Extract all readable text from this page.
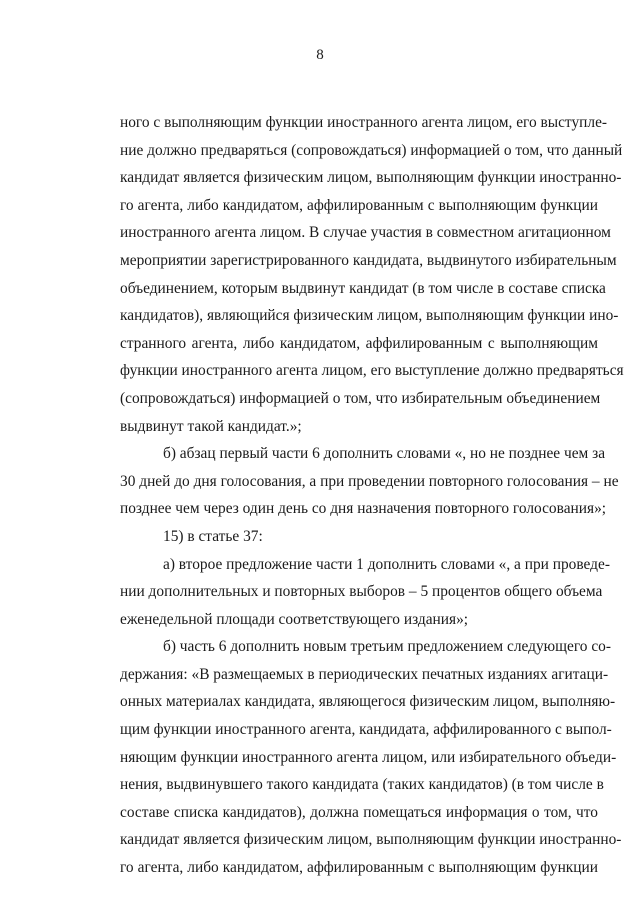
8
ного с выполняющим функции иностранного агента лицом, его выступле-
ние должно предваряться (сопровождаться) информацией о том, что данный
кандидат является физическим лицом, выполняющим функции иностранно-
го агента, либо кандидатом, аффилированным с выполняющим функции
иностранного агента лицом. В случае участия в совместном агитационном
мероприятии зарегистрированного кандидата, выдвинутого избирательным
объединением, которым выдвинут кандидат (в том числе в составе списка
кандидатов), являющийся физическим лицом, выполняющим функции ино-
странного агента, либо кандидатом, аффилированным с выполняющим
функции иностранного агента лицом, его выступление должно предваряться
(сопровождаться) информацией о том, что избирательным объединением
выдвинут такой кандидат.»;
б) абзац первый части 6 дополнить словами «, но не позднее чем за
30 дней до дня голосования, а при проведении повторного голосования – не
позднее чем через один день со дня назначения повторного голосования»;
15) в статье 37:
а) второе предложение части 1 дополнить словами «, а при проведе-
нии дополнительных и повторных выборов – 5 процентов общего объема
еженедельной площади соответствующего издания»;
б) часть 6 дополнить новым третьим предложением следующего со-
держания: «В размещаемых в периодических печатных изданиях агитаци-
онных материалах кандидата, являющегося физическим лицом, выполняю-
щим функции иностранного агента, кандидата, аффилированного с выпол-
няющим функции иностранного агента лицом, или избирательного объеди-
нения, выдвинувшего такого кандидата (таких кандидатов) (в том числе в
составе списка кандидатов), должна помещаться информация о том, что
кандидат является физическим лицом, выполняющим функции иностранно-
го агента, либо кандидатом, аффилированным с выполняющим функции
